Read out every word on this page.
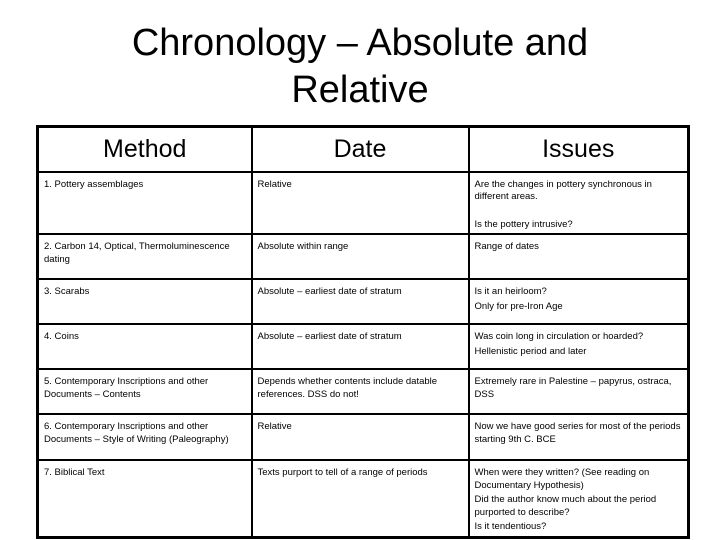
Chronology – Absolute and
Relative
Method	Date	Issues
1. Pottery assemblages	Relative	Are the changes in pottery synchronous in different areas.
Is the pottery intrusive?

2. Carbon 14, Optical, Thermoluminescence dating	Absolute within range	Range of dates

3. Scarabs	Absolute – earliest date of stratum	Is it an heirloom?
Only for pre-Iron Age

4. Coins	Absolute – earliest date of stratum	Was coin long in circulation or hoarded?
Hellenistic period and later

5. Contemporary Inscriptions and other Documents – Contents	Depends whether contents include datable references. DSS do not!	Extremely rare in Palestine – papyrus, ostraca, DSS

6. Contemporary Inscriptions and other Documents – Style of Writing (Paleography)	Relative	Now we have good series for most of the periods starting 9th C. BCE

7. Biblical Text	Texts purport to tell of a range of periods	When were they written? (See reading on Documentary Hypothesis)
Did the author know much about the period purported to describe?
Is it tendentious?
